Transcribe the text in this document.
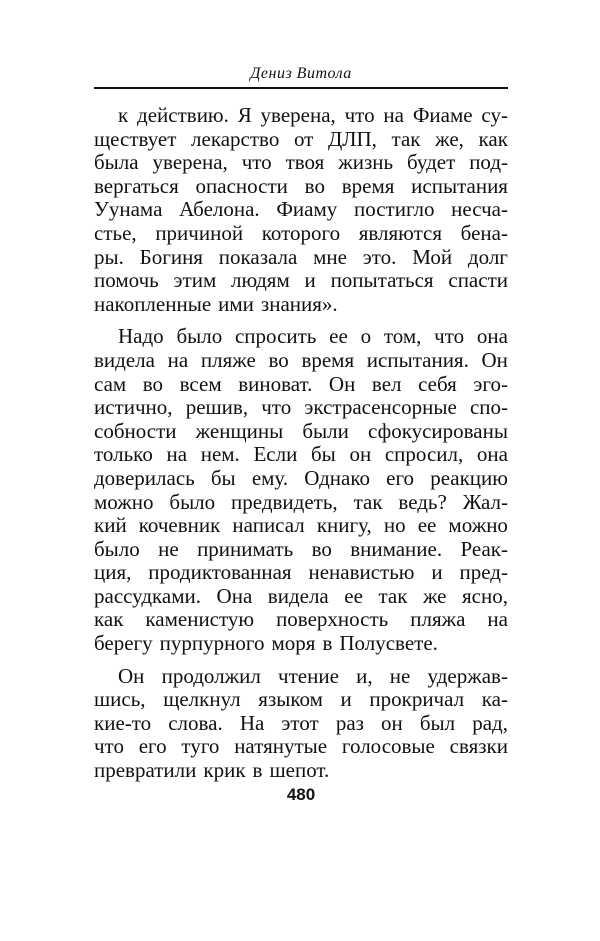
Дениз Витола
к действию. Я уверена, что на Фиаме су-
ществует лекарство от ДЛП, так же, как
была уверена, что твоя жизнь будет под-
вергаться опасности во время испытания
Уунама Абелона. Фиаму постигло несча-
стье, причиной которого являются бена-
ры. Богиня показала мне это. Мой долг
помочь этим людям и попытаться спасти
накопленные ими знания».
Надо было спросить ее о том, что она
видела на пляже во время испытания. Он
сам во всем виноват. Он вел себя эго-
истично, решив, что экстрасенсорные спо-
собности женщины были сфокусированы
только на нем. Если бы он спросил, она
доверилась бы ему. Однако его реакцию
можно было предвидеть, так ведь? Жал-
кий кочевник написал книгу, но ее можно
было не принимать во внимание. Реак-
ция, продиктованная ненавистью и пред-
рассудками. Она видела ее так же ясно,
как каменистую поверхность пляжа на
берегу пурпурного моря в Полусвете.
Он продолжил чтение и, не удержав-
шись, щелкнул языком и прокричал ка-
кие-то слова. На этот раз он был рад,
что его туго натянутые голосовые связки
превратили крик в шепот.
480
